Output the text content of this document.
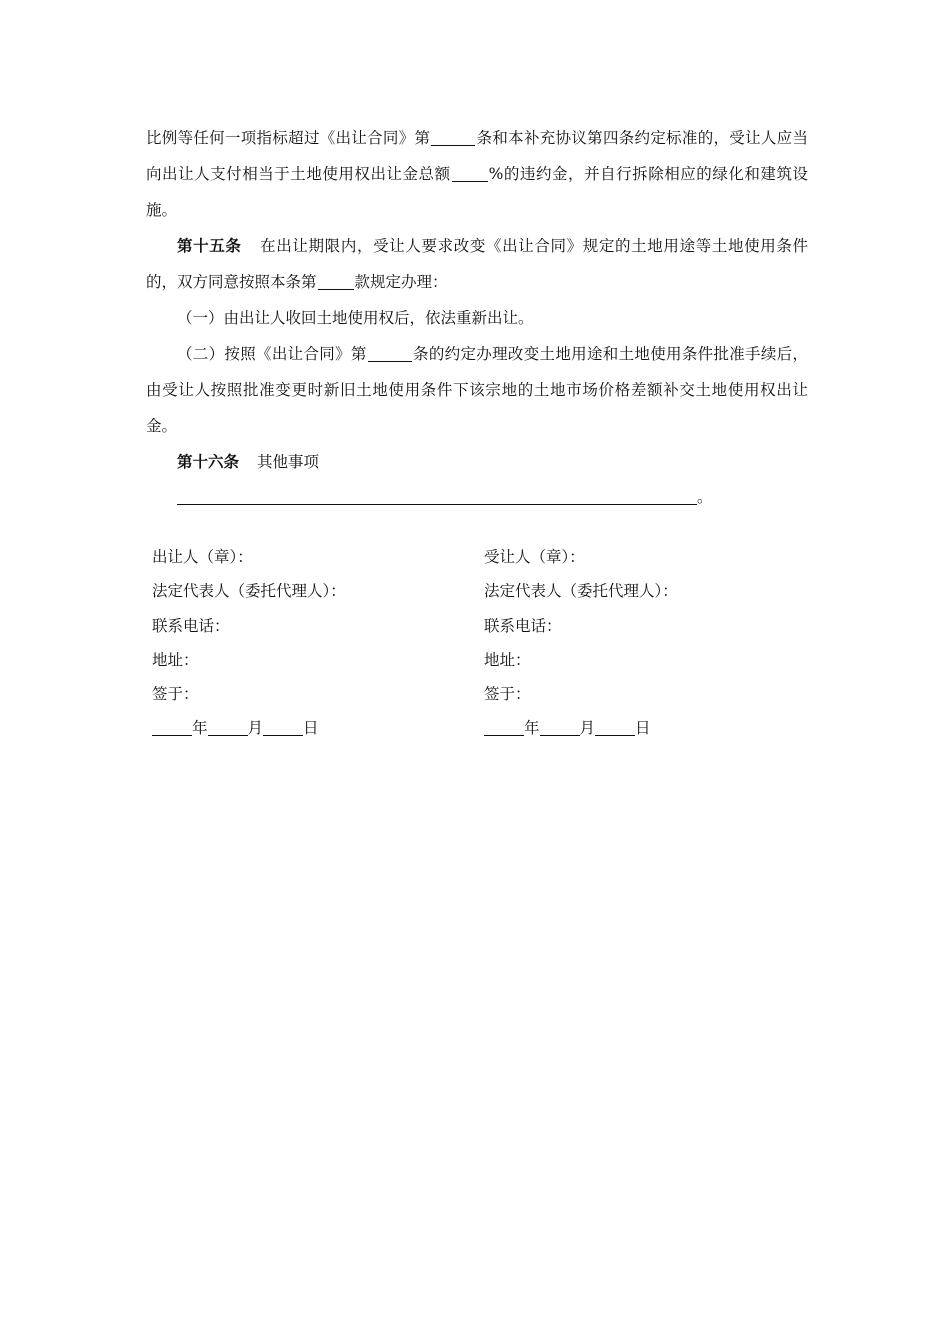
比例等任何一项指标超过《出让合同》第	条和本补充协议第四条约定标准的，受让人应当向出让人支付相当于土地使用权出让金总额 %的违约金，并自行拆除相应的绿化和建筑设施。

第十五条 在出让期限内，受让人要求改变《出让合同》规定的土地用途等土地使用条件的，双方同意按照本条第 款规定办理：

（一）由出让人收回土地使用权后，依法重新出让。

（二）按照《出让合同》第	条的约定办理改变土地用途和土地使用条件批准手续后，由受让人按照批准变更时新旧土地使用条件下该宗地的土地市场价格差额补交土地使用权出让金。

第十六条 其他事项

。

出让人（章）：
法定代表人（委托代理人）：
联系电话：
地址：
签于：
年	月	日
受让人（章）：
法定代表人（委托代理人）：
联系电话：
地址：
签于：
年	月	日
